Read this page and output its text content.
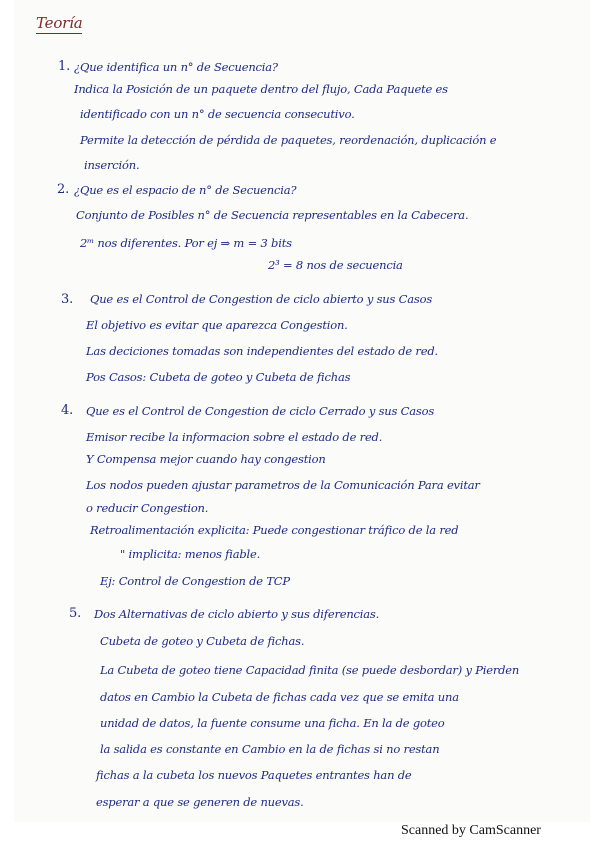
Teoría
1. ¿Que identifica un n° de Secuencia?
Indica la Posición de un paquete dentro del flujo, Cada Paquete es
identificado con un n° de secuencia consecutivo.
Permite la detección de pérdida de paquetes, reordenación, duplicación e
inserción.
2. ¿Que es el espacio de n° de Secuencia?
Conjunto de Posibles n° de Secuencia representables en la Cabecera.
2ᵐ nos diferentes. Por ej ⇒ m = 3 bits
2³ = 8 nos de secuencia
3. Que es el Control de Congestion de ciclo abierto y sus Casos
El objetivo es evitar que aparezca Congestion.
Las deciciones tomadas son independientes del estado de red.
Pos Casos: Cubeta de goteo y Cubeta de fichas
4. Que es el Control de Congestion de ciclo Cerrado y sus Casos
Emisor recibe la informacion sobre el estado de red.
Y Compensa mejor cuando hay congestion
Los nodos pueden ajustar parametros de la Comunicación Para evitar
o reducir Congestion.
Retroalimentación explicita: Puede congestionar tráfico de la red
" implicita: menos fiable.
Ej: Control de Congestion de TCP
5. Dos Alternativas de ciclo abierto y sus diferencias.
Cubeta de goteo y Cubeta de fichas.
La Cubeta de goteo tiene Capacidad finita (se puede desbordar) y Pierden
datos en Cambio la Cubeta de fichas cada vez que se emita una
unidad de datos, la fuente consume una ficha. En la de goteo
la salida es constante en Cambio en la de fichas si no restan
fichas a la cubeta los nuevos Paquetes entrantes han de
esperar a que se generen de nuevas.
Scanned by CamScanner
